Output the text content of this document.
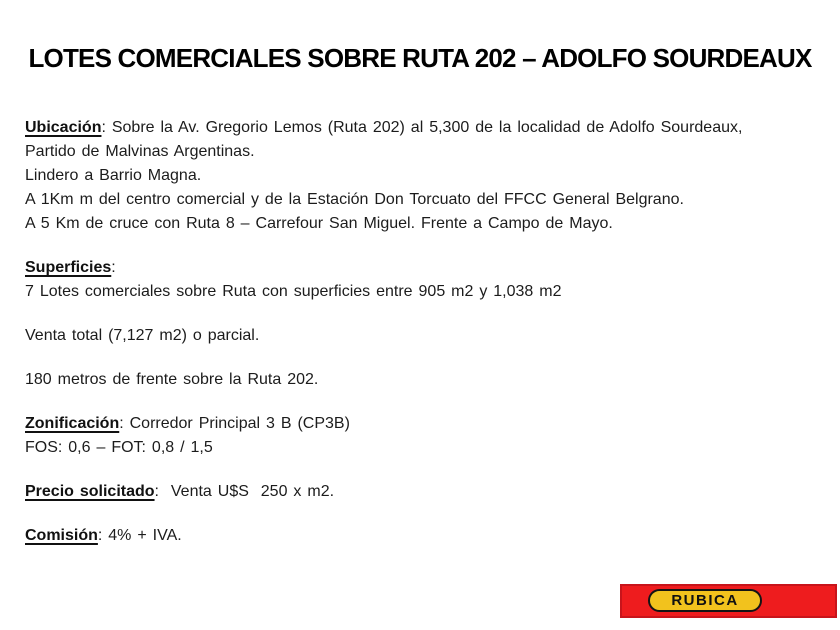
LOTES COMERCIALES SOBRE RUTA 202 – ADOLFO SOURDEAUX
Ubicación: Sobre la Av. Gregorio Lemos (Ruta 202) al 5,300 de la localidad de Adolfo Sourdeaux,
Partido de Malvinas Argentinas.
Lindero a Barrio Magna.
A 1Km m del centro comercial y de la Estación Don Torcuato del FFCC General Belgrano.
A 5 Km de cruce con Ruta 8 – Carrefour San Miguel. Frente a Campo de Mayo.
Superficies:
7 Lotes comerciales sobre Ruta con superficies entre 905 m2 y 1,038 m2
Venta total (7,127 m2) o parcial.
180 metros de frente sobre la Ruta 202.
Zonificación: Corredor Principal 3 B (CP3B)
FOS: 0,6 – FOT: 0,8 / 1,5
Precio solicitado:  Venta U$S  250 x m2.
Comisión: 4% + IVA.
RUBICA
